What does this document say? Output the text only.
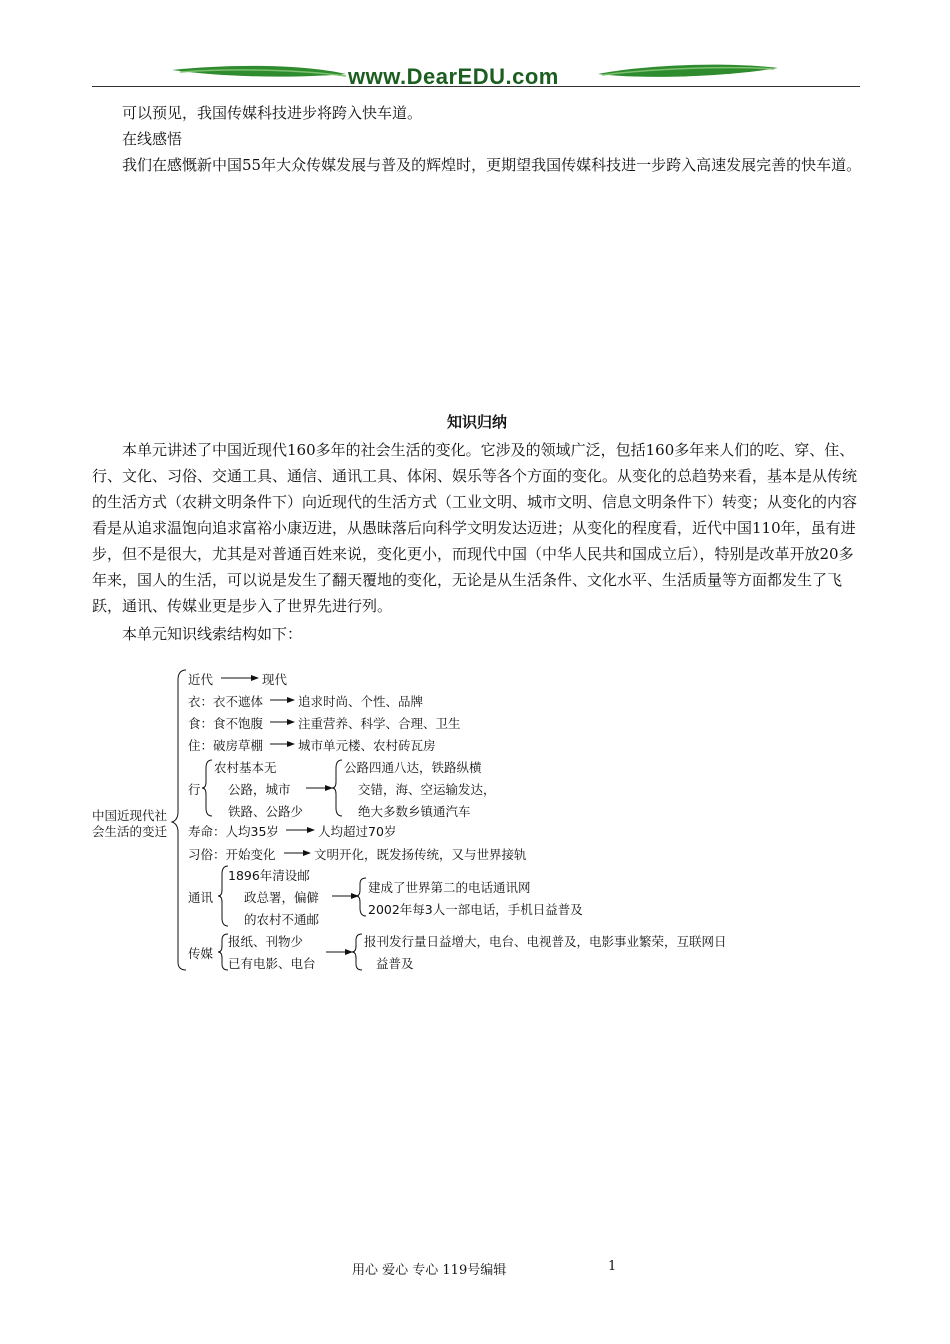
www.DearEDU.com
可以预见，我国传媒科技进步将跨入快车道。
在线感悟
我们在感慨新中国55年大众传媒发展与普及的辉煌时，更期望我国传媒科技进一步跨入高速发展完善的快车道。
知识归纳
本单元讲述了中国近现代160多年的社会生活的变化。它涉及的领域广泛，包括160多年来人们的吃、穿、住、行、文化、习俗、交通工具、通信、通讯工具、体闲、娱乐等各个方面的变化。从变化的总趋势来看，基本是从传统的生活方式（农耕文明条件下）向近现代的生活方式（工业文明、城市文明、信息文明条件下）转变；从变化的内容看是从追求温饱向追求富裕小康迈进，从愚昧落后向科学文明发达迈进；从变化的程度看，近代中国110年，虽有进步，但不是很大，尤其是对普通百姓来说，变化更小，而现代中国（中华人民共和国成立后），特别是改革开放20多年来，国人的生活，可以说是发生了翻天覆地的变化，无论是从生活条件、文化水平、生活质量等方面都发生了飞跃，通讯、传媒业更是步入了世界先进行列。
本单元知识线索结构如下：
中国近现代社
会生活的变迁
近代	现代
衣：衣不遮体	追求时尚、个性、品牌
食：食不饱腹	注重营养、科学、合理、卫生
住：破房草棚	城市单元楼、农村砖瓦房
行
农村基本无
公路，城市
铁路、公路少
公路四通八达，铁路纵横
交错，海、空运输发达，
绝大多数乡镇通汽车
寿命：人均35岁	人均超过70岁
习俗：开始变化	文明开化，既发扬传统，又与世界接轨
通讯
1896年清设邮
政总署，偏僻
的农村不通邮
建成了世界第二的电话通讯网
2002年每3人一部电话，手机日益普及
传媒
报纸、刊物少
已有电影、电台
报刊发行量日益增大，电台、电视普及，电影事业繁荣，互联网日
益普及
用心 爱心 专心 119号编辑	1
